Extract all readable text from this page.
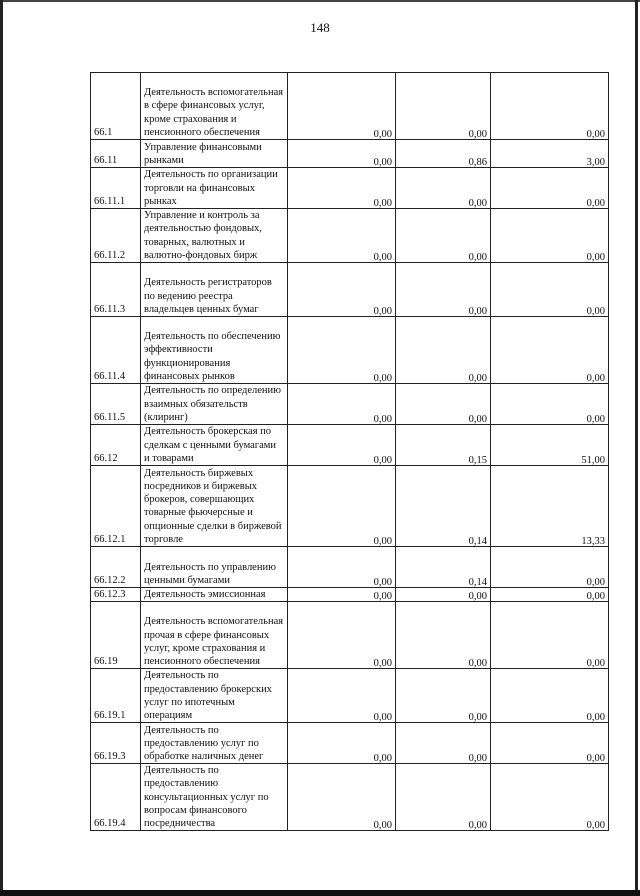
148
66.1	Деятельность вспомогательная в сфере финансовых услуг, кроме страхования и пенсионного обеспечения	0,00	0,00	0,00
66.11	Управление финансовыми рынками	0,00	0,86	3,00
66.11.1	Деятельность по организации торговли на финансовых рынках	0,00	0,00	0,00
66.11.2	Управление и контроль за деятельностью фондовых, товарных, валютных и валютно-фондовых бирж	0,00	0,00	0,00
66.11.3	Деятельность регистраторов по ведению реестра владельцев ценных бумаг	0,00	0,00	0,00
66.11.4	Деятельность по обеспечению эффективности функционирования финансовых рынков	0,00	0,00	0,00
66.11.5	Деятельность по определению взаимных обязательств (клиринг)	0,00	0,00	0,00
66.12	Деятельность брокерская по сделкам с ценными бумагами и товарами	0,00	0,15	51,00
66.12.1	Деятельность биржевых посредников и биржевых брокеров, совершающих товарные фьючерсные и опционные сделки в биржевой торговле	0,00	0,14	13,33
66.12.2	Деятельность по управлению ценными бумагами	0,00	0,14	0,00
66.12.3	Деятельность эмиссионная	0,00	0,00	0,00
66.19	Деятельность вспомогательная прочая в сфере финансовых услуг, кроме страхования и пенсионного обеспечения	0,00	0,00	0,00
66.19.1	Деятельность по предоставлению брокерских услуг по ипотечным операциям	0,00	0,00	0,00
66.19.3	Деятельность по предоставлению услуг по обработке наличных денег	0,00	0,00	0,00
66.19.4	Деятельность по предоставлению консультационных услуг по вопросам финансового посредничества	0,00	0,00	0,00
